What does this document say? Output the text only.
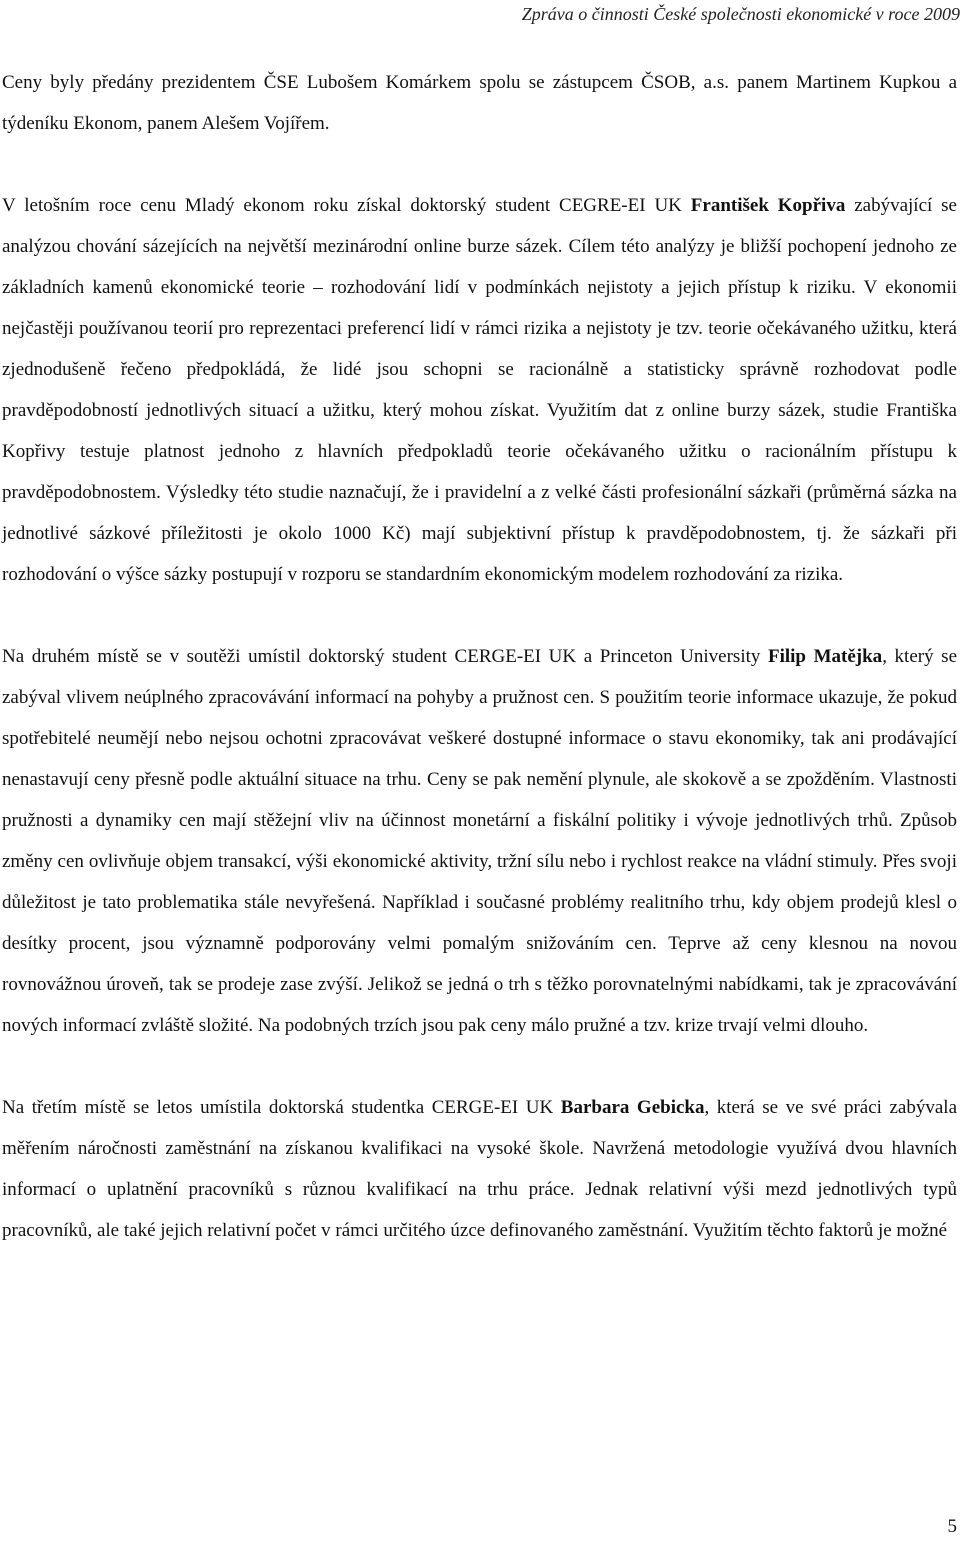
Zpráva o činnosti České společnosti ekonomické v roce 2009

Ceny byly předány prezidentem ČSE Lubošem Komárkem spolu se zástupcem ČSOB, a.s. panem Martinem Kupkou a týdeníku Ekonom, panem Alešem Vojířem.

V letošním roce cenu Mladý ekonom roku získal doktorský student CEGRE-EI UK František Kopřiva zabývající se analýzou chování sázejících na největší mezinárodní online burze sázek. Cílem této analýzy je bližší pochopení jednoho ze základních kamenů ekonomické teorie – rozhodování lidí v podmínkách nejistoty a jejich přístup k riziku. V ekonomii nejčastěji používanou teorií pro reprezentaci preferencí lidí v rámci rizika a nejistoty je tzv. teorie očekávaného užitku, která zjednodušeně řečeno předpokládá, že lidé jsou schopni se racionálně a statisticky správně rozhodovat podle pravděpodobností jednotlivých situací a užitku, který mohou získat. Využitím dat z online burzy sázek, studie Františka Kopřivy testuje platnost jednoho z hlavních předpokladů teorie očekávaného užitku o racionálním přístupu k pravděpodobnostem. Výsledky této studie naznačují, že i pravidelní a z velké části profesionální sázkaři (průměrná sázka na jednotlivé sázkové příležitosti je okolo 1000 Kč) mají subjektivní přístup k pravděpodobnostem, tj. že sázkaři při rozhodování o výšce sázky postupují v rozporu se standardním ekonomickým modelem rozhodování za rizika.

Na druhém místě se v soutěži umístil doktorský student CERGE-EI UK a Princeton University Filip Matějka, který se zabýval vlivem neúplného zpracovávání informací na pohyby a pružnost cen. S použitím teorie informace ukazuje, že pokud spotřebitelé neumějí nebo nejsou ochotni zpracovávat veškeré dostupné informace o stavu ekonomiky, tak ani prodávající nenastavují ceny přesně podle aktuální situace na trhu. Ceny se pak nemění plynule, ale skokově a se zpožděním. Vlastnosti pružnosti a dynamiky cen mají stěžejní vliv na účinnost monetární a fiskální politiky i vývoje jednotlivých trhů. Způsob změny cen ovlivňuje objem transakcí, výši ekonomické aktivity, tržní sílu nebo i rychlost reakce na vládní stimuly. Přes svoji důležitost je tato problematika stále nevyřešená. Například i současné problémy realitního trhu, kdy objem prodejů klesl o desítky procent, jsou významně podporovány velmi pomalým snižováním cen. Teprve až ceny klesnou na novou rovnovážnou úroveň, tak se prodeje zase zvýší. Jelikož se jedná o trh s těžko porovnatelnými nabídkami, tak je zpracovávání nových informací zvláště složité. Na podobných trzích jsou pak ceny málo pružné a tzv. krize trvají velmi dlouho.

Na třetím místě se letos umístila doktorská studentka CERGE-EI UK Barbara Gebicka, která se ve své práci zabývala měřením náročnosti zaměstnání na získanou kvalifikaci na vysoké škole. Navržená metodologie využívá dvou hlavních informací o uplatnění pracovníků s různou kvalifikací na trhu práce. Jednak relativní výši mezd jednotlivých typů pracovníků, ale také jejich relativní počet v rámci určitého úzce definovaného zaměstnání. Využitím těchto faktorů je možné

5
